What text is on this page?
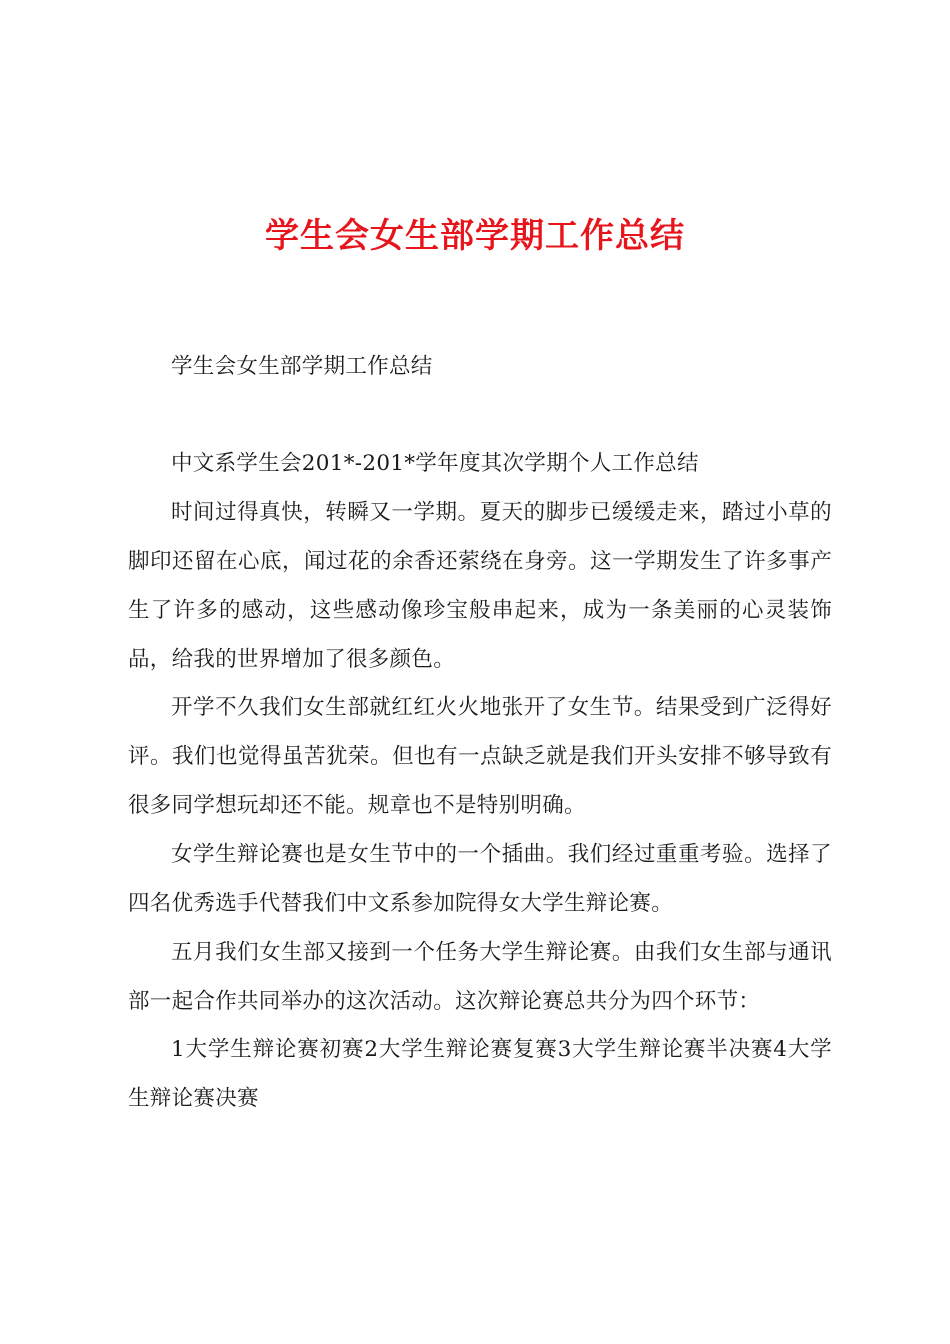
学生会女生部学期工作总结

学生会女生部学期工作总结

中文系学生会201*-201*学年度其次学期个人工作总结

时间过得真快，转瞬又一学期。夏天的脚步已缓缓走来，踏过小草的脚印还留在心底，闻过花的余香还萦绕在身旁。这一学期发生了许多事产生了许多的感动，这些感动像珍宝般串起来，成为一条美丽的心灵装饰品，给我的世界增加了很多颜色。

开学不久我们女生部就红红火火地张开了女生节。结果受到广泛得好评。我们也觉得虽苦犹荣。但也有一点缺乏就是我们开头安排不够导致有很多同学想玩却还不能。规章也不是特别明确。

女学生辩论赛也是女生节中的一个插曲。我们经过重重考验。选择了四名优秀选手代替我们中文系参加院得女大学生辩论赛。

五月我们女生部又接到一个任务大学生辩论赛。由我们女生部与通讯部一起合作共同举办的这次活动。这次辩论赛总共分为四个环节：

1大学生辩论赛初赛2大学生辩论赛复赛3大学生辩论赛半决赛4大学生辩论赛决赛
